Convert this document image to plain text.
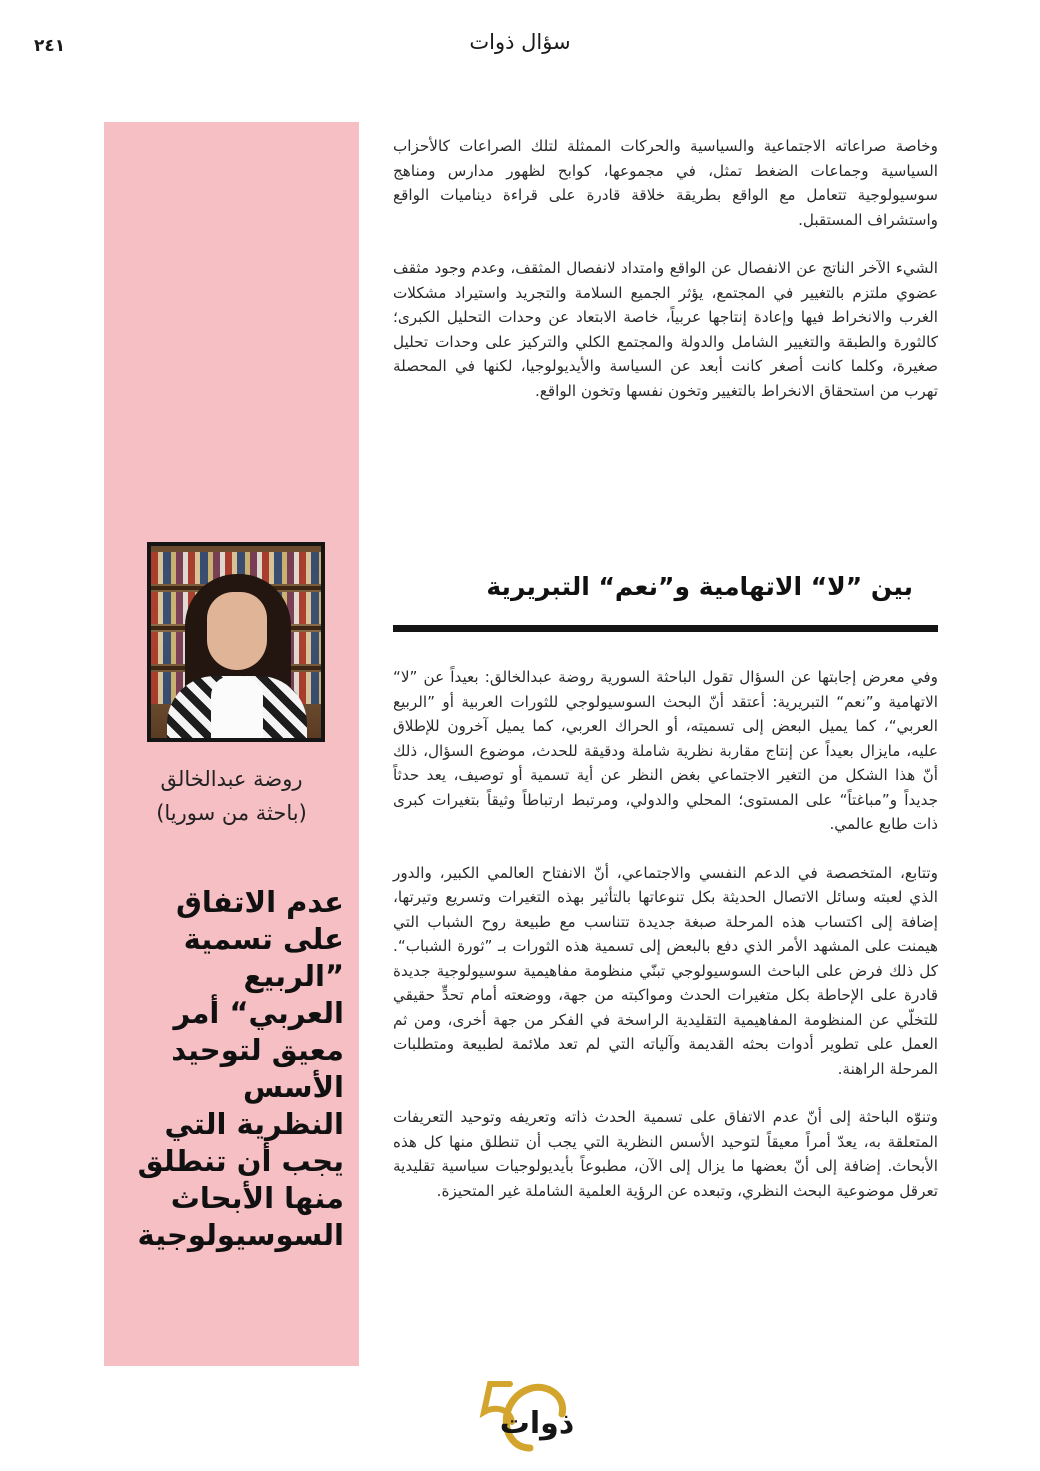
٢٤١	سؤال ذوات
روضة عبدالخالق
(باحثة من سوريا)
عدم الاتفاق على تسمية ”الربيع العربي“ أمر معيق لتوحيد الأسس النظرية التي يجب أن تنطلق منها الأبحاث السوسيولوجية

وخاصة صراعاته الاجتماعية والسياسية والحركات الممثلة لتلك الصراعات كالأحزاب السياسية وجماعات الضغط تمثل، في مجموعها، كوابح لظهور مدارس ومناهج سوسيولوجية تتعامل مع الواقع بطريقة خلاقة قادرة على قراءة ديناميات الواقع واستشراف المستقبل.

الشيء الآخر الناتج عن الانفصال عن الواقع وامتداد لانفصال المثقف، وعدم وجود مثقف عضوي ملتزم بالتغيير في المجتمع، يؤثر الجميع السلامة والتجريد واستيراد مشكلات الغرب والانخراط فيها وإعادة إنتاجها عربياً، خاصة الابتعاد عن وحدات التحليل الكبرى؛ كالثورة والطبقة والتغيير الشامل والدولة والمجتمع الكلي والتركيز على وحدات تحليل صغيرة، وكلما كانت أصغر كانت أبعد عن السياسة والأيديولوجيا، لكنها في المحصلة تهرب من استحقاق الانخراط بالتغيير وتخون نفسها وتخون الواقع.

بين ”لا“ الاتهامية و”نعم“ التبريرية

وفي معرض إجابتها عن السؤال تقول الباحثة السورية روضة عبدالخالق: بعيداً عن ”لا“ الاتهامية و”نعم“ التبريرية: أعتقد أنّ البحث السوسيولوجي للثورات العربية أو ”الربيع العربي“، كما يميل البعض إلى تسميته، أو الحراك العربي، كما يميل آخرون للإطلاق عليه، مايزال بعيداً عن إنتاج مقاربة نظرية شاملة ودقيقة للحدث، موضوع السؤال، ذلك أنّ هذا الشكل من التغير الاجتماعي بغض النظر عن أية تسمية أو توصيف، يعد حدثاً جديداً و”مباغتاً“ على المستوى؛ المحلي والدولي، ومرتبط ارتباطاً وثيقاً بتغيرات كبرى ذات طابع عالمي.

وتتابع، المتخصصة في الدعم النفسي والاجتماعي، أنّ الانفتاح العالمي الكبير، والدور الذي لعبته وسائل الاتصال الحديثة بكل تنوعاتها بالتأثير بهذه التغيرات وتسريع وتيرتها، إضافة إلى اكتساب هذه المرحلة صبغة جديدة تتناسب مع طبيعة روح الشباب التي هيمنت على المشهد الأمر الذي دفع بالبعض إلى تسمية هذه الثورات بـ ”ثورة الشباب“. كل ذلك فرض على الباحث السوسيولوجي تبنّي منظومة مفاهيمية سوسيولوجية جديدة قادرة على الإحاطة بكل متغيرات الحدث ومواكبته من جهة، ووضعته أمام تحدٍّ حقيقي للتخلّي عن المنظومة المفاهيمية التقليدية الراسخة في الفكر من جهة أخرى، ومن ثم العمل على تطوير أدوات بحثه القديمة وآلياته التي لم تعد ملائمة لطبيعة ومتطلبات المرحلة الراهنة.

وتنوّه الباحثة إلى أنّ عدم الاتفاق على تسمية الحدث ذاته وتعريفه وتوحيد التعريفات المتعلقة به، يعدّ أمراً معيقاً لتوحيد الأسس النظرية التي يجب أن تنطلق منها كل هذه الأبحاث. إضافة إلى أنّ بعضها ما يزال إلى الآن، مطبوعاً بأيديولوجيات سياسية تقليدية تعرقل موضوعية البحث النظري، وتبعده عن الرؤية العلمية الشاملة غير المتحيزة.

ذوات
